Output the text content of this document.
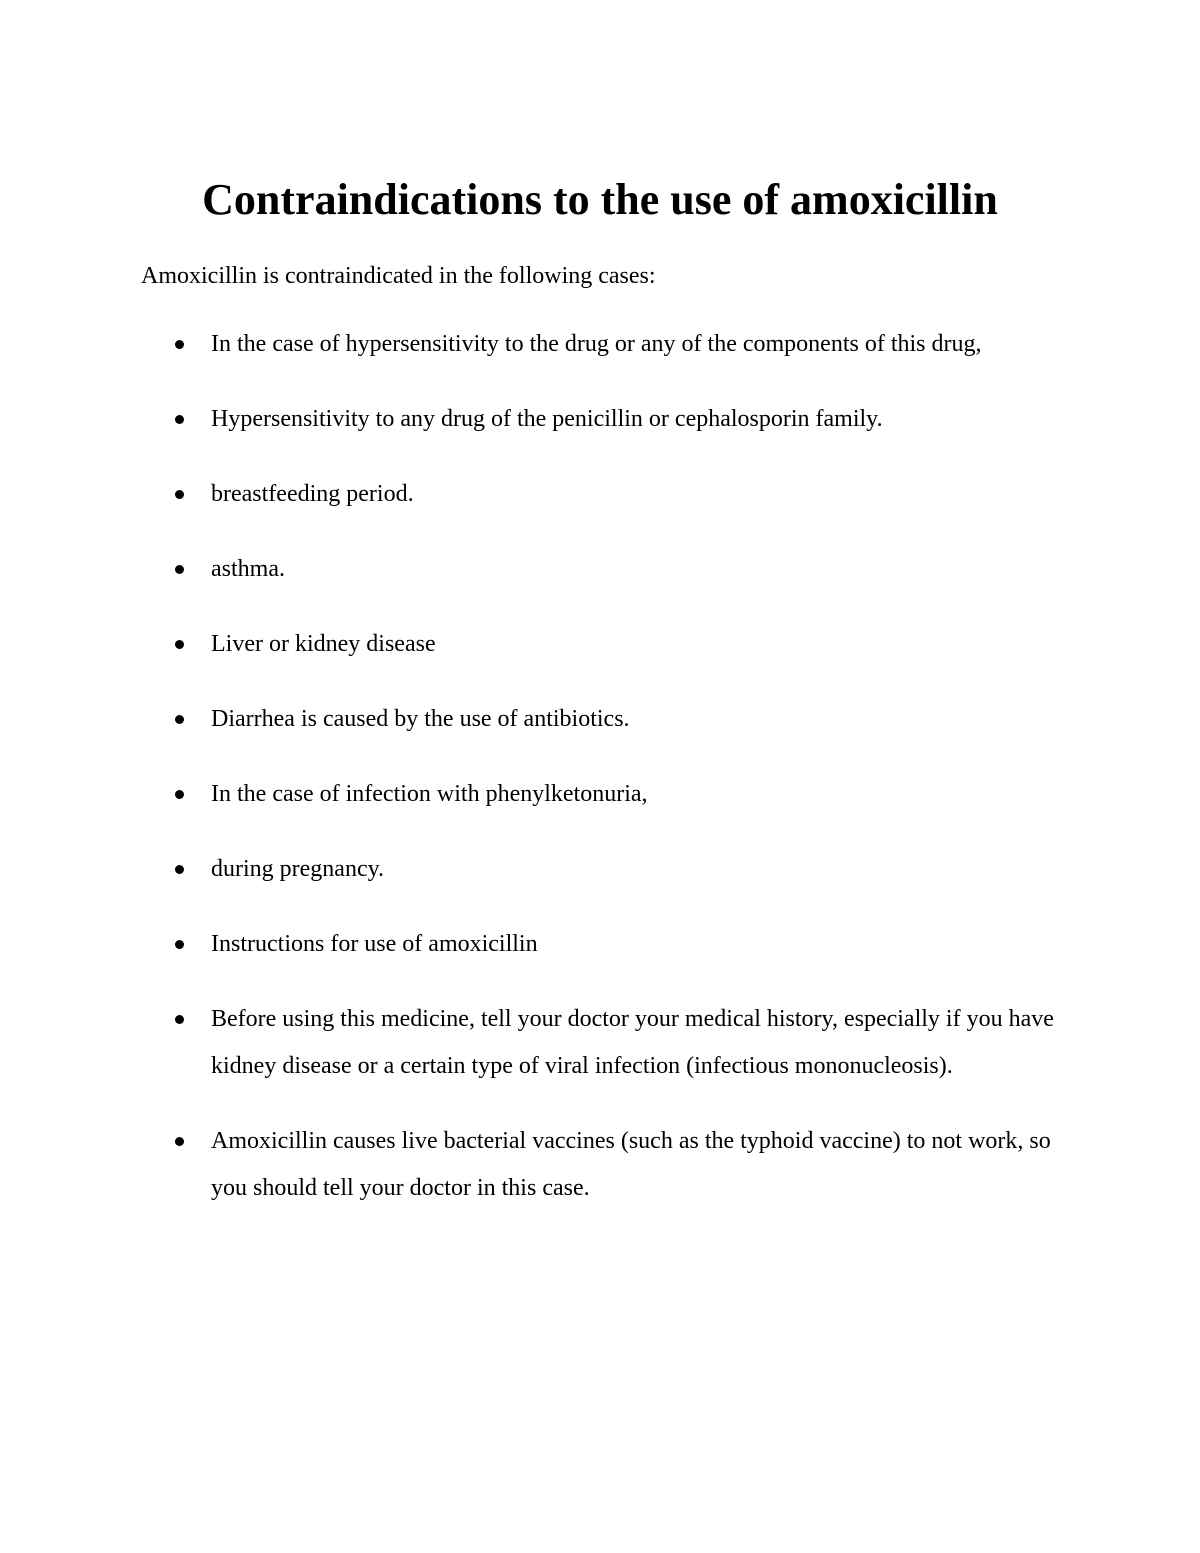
Contraindications to the use of amoxicillin

Amoxicillin is contraindicated in the following cases:

In the case of hypersensitivity to the drug or any of the components of this drug,
Hypersensitivity to any drug of the penicillin or cephalosporin family.
breastfeeding period.
asthma.
Liver or kidney disease
Diarrhea is caused by the use of antibiotics.
In the case of infection with phenylketonuria,
during pregnancy.
Instructions for use of amoxicillin
Before using this medicine, tell your doctor your medical history, especially if you have kidney disease or a certain type of viral infection (infectious mononucleosis).
Amoxicillin causes live bacterial vaccines (such as the typhoid vaccine) to not work, so you should tell your doctor in this case.
